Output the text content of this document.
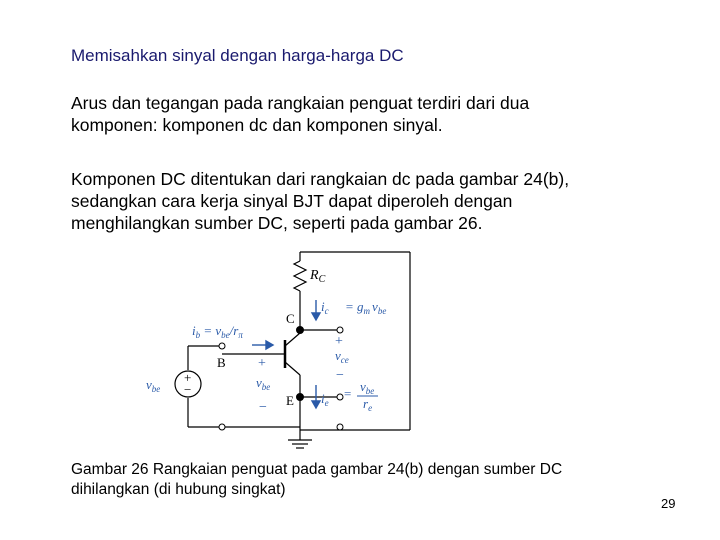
Memisahkan sinyal dengan harga-harga DC
Arus dan tegangan pada rangkaian penguat terdiri dari dua
komponen: komponen dc dan komponen sinyal.
Komponen DC ditentukan dari rangkaian dc pada gambar 24(b),
sedangkan cara kerja sinyal BJT dapat diperoleh dengan
menghilangkan sumber DC, seperti pada gambar 26.
$R_C$
C
B
E
$i_b = v_{be}/r_\pi$
$i_c = g_m$ $v_{be}$
$v_{ce}$
$v_{be}$
$v_{be}$
$i_e$
= $v_{be}$
$r_e$
+
−
+
−
+
−
Gambar 26 Rangkaian penguat pada gambar 24(b) dengan sumber DC
dihilangkan (di hubung singkat)
29
